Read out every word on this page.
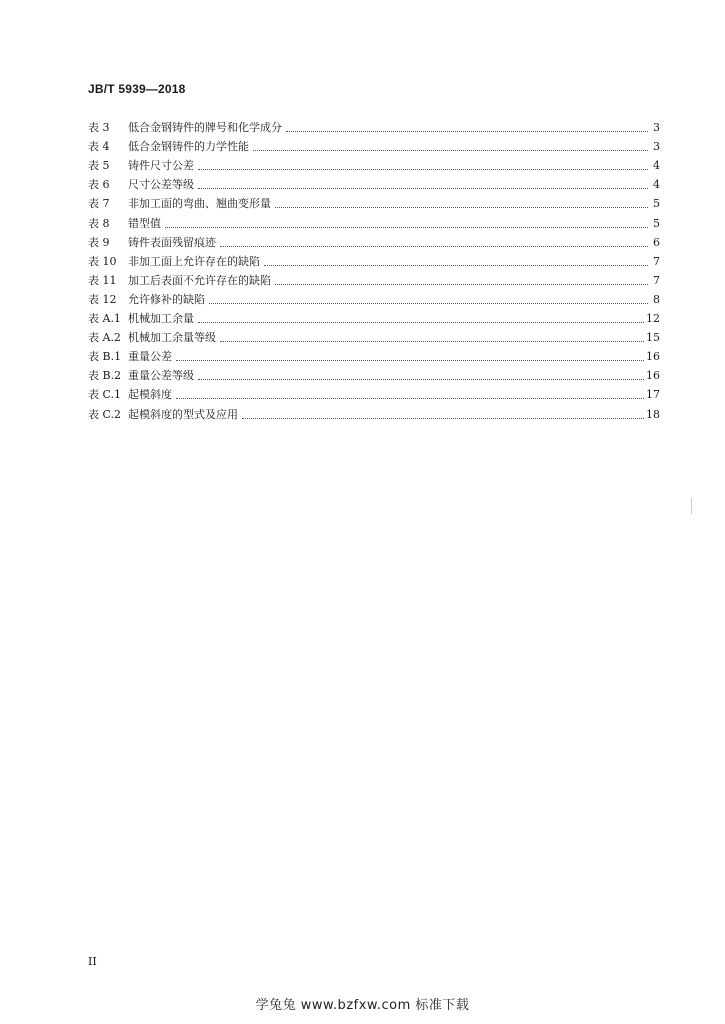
JB/T 5939—2018
表 3 低合金钢铸件的牌号和化学成分	3
表 4 低合金钢铸件的力学性能	3
表 5 铸件尺寸公差	4
表 6 尺寸公差等级	4
表 7 非加工面的弯曲、翘曲变形量	5
表 8 错型值	5
表 9 铸件表面残留痕迹	6
表 10 非加工面上允许存在的缺陷	7
表 11 加工后表面不允许存在的缺陷	7
表 12 允许修补的缺陷	8
表 A.1 机械加工余量	12
表 A.2 机械加工余量等级	15
表 B.1 重量公差	16
表 B.2 重量公差等级	16
表 C.1 起模斜度	17
表 C.2 起模斜度的型式及应用	18
II
学兔兔 www.bzfxw.com 标准下载
